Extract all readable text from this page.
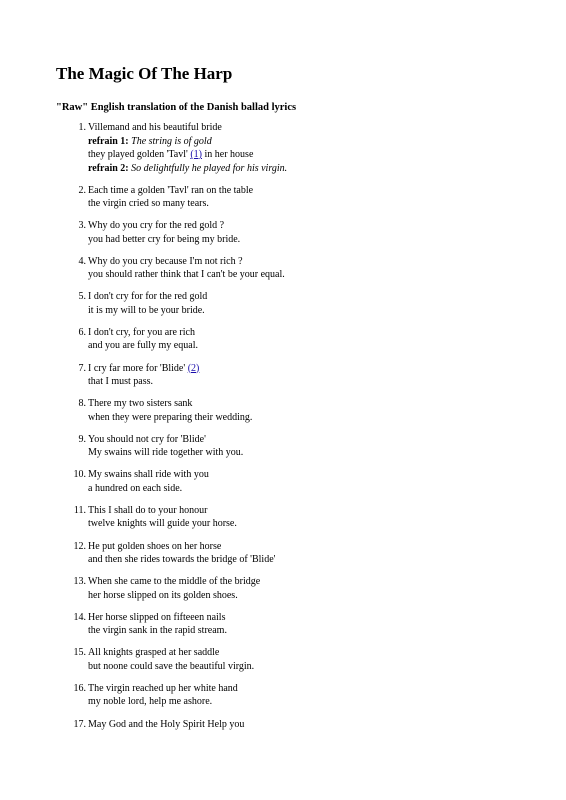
The Magic Of The Harp
"Raw" English translation of the Danish ballad lyrics
1. Villemand and his beautiful bride
refrain 1: The string is of gold
they played golden 'Tavl' (1) in her house
refrain 2: So delightfully he played for his virgin.
2. Each time a golden 'Tavl' ran on the table
the virgin cried so many tears.
3. Why do you cry for the red gold ?
you had better cry for being my bride.
4. Why do you cry because I'm not rich ?
you should rather think that I can't be your equal.
5. I don't cry for for the red gold
it is my will to be your bride.
6. I don't cry, for you are rich
and you are fully my equal.
7. I cry far more for 'Blide' (2)
that I must pass.
8. There my two sisters sank
when they were preparing their wedding.
9. You should not cry for 'Blide'
My swains will ride together with you.
10. My swains shall ride with you
a hundred on each side.
11. This I shall do to your honour
twelve knights will guide your horse.
12. He put golden shoes on her horse
and then she rides towards the bridge of 'Blide'
13. When she came to the middle of the bridge
her horse slipped on its golden shoes.
14. Her horse slipped on fifteeen nails
the virgin sank in the rapid stream.
15. All knights grasped at her saddle
but noone could save the beautiful virgin.
16. The virgin reached up her white hand
my noble lord, help me ashore.
17. May God and the Holy Spirit Help you
